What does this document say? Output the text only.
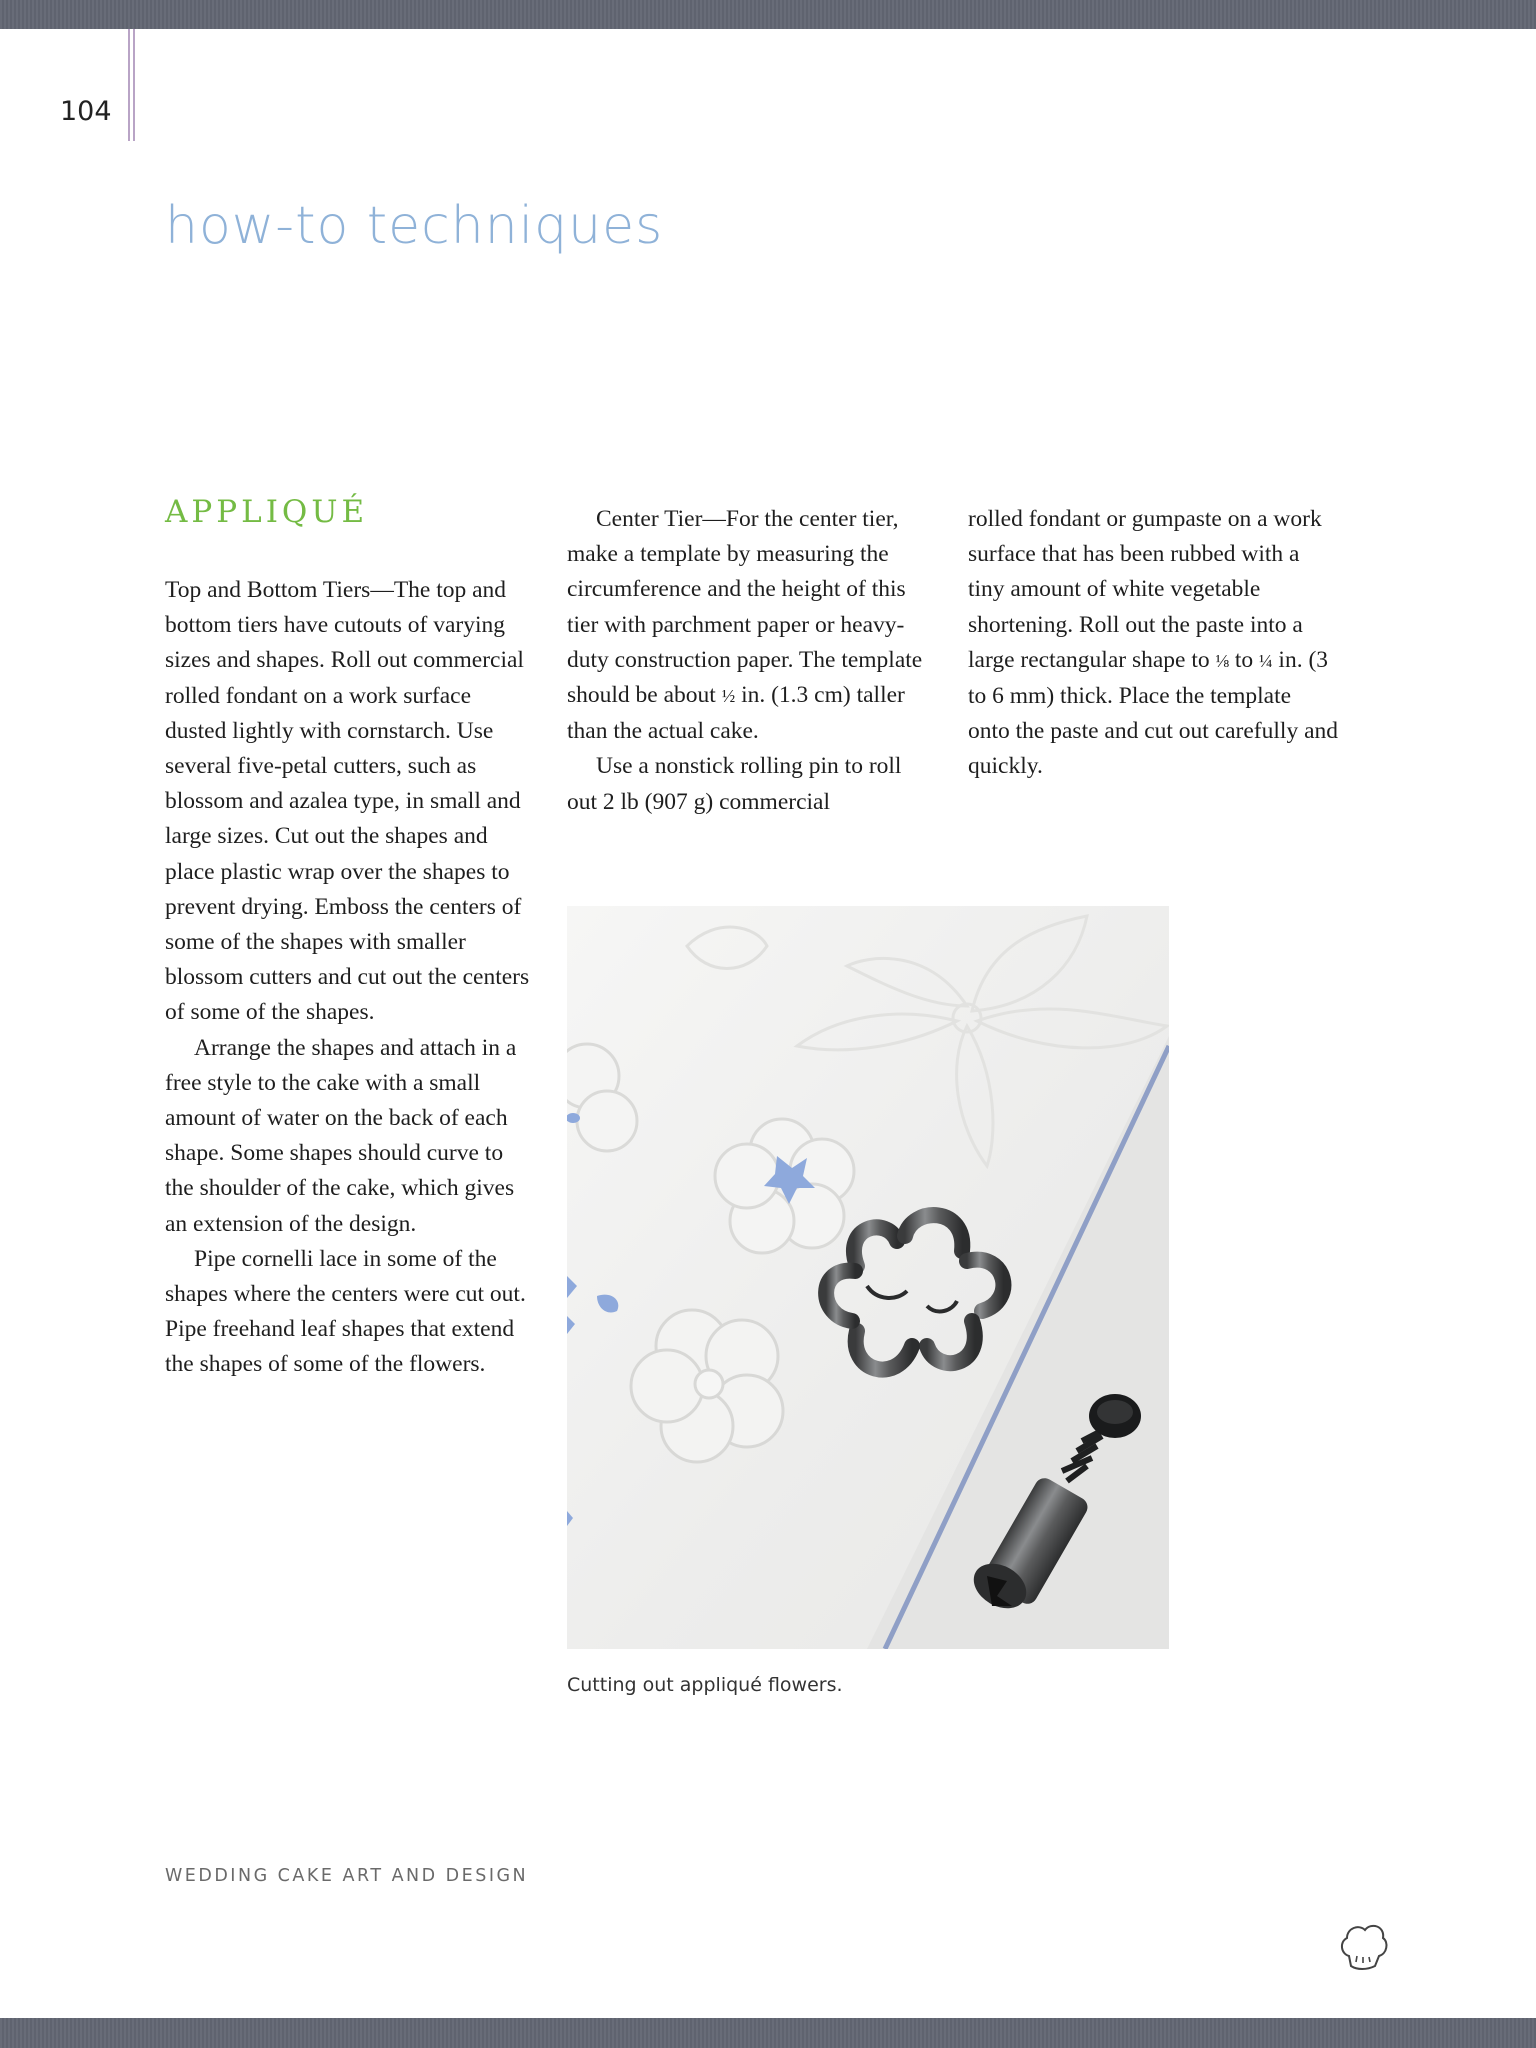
104
how-to techniques
APPLIQUÉ

Top and Bottom Tiers—The top and bottom tiers have cutouts of varying sizes and shapes. Roll out commercial rolled fondant on a work surface dusted lightly with cornstarch. Use several five-petal cutters, such as blossom and azalea type, in small and large sizes. Cut out the shapes and place plastic wrap over the shapes to prevent drying. Emboss the centers of some of the shapes with smaller blossom cutters and cut out the centers of some of the shapes.

Arrange the shapes and attach in a free style to the cake with a small amount of water on the back of each shape. Some shapes should curve to the shoulder of the cake, which gives an extension of the design.

Pipe cornelli lace in some of the shapes where the centers were cut out. Pipe freehand leaf shapes that extend the shapes of some of the flowers.

Center Tier—For the center tier, make a template by measuring the circumference and the height of this tier with parchment paper or heavy-duty construction paper. The template should be about ½ in. (1.3 cm) taller than the actual cake.

Use a nonstick rolling pin to roll out 2 lb (907 g) commercial

rolled fondant or gumpaste on a work surface that has been rubbed with a tiny amount of white vegetable shortening. Roll out the paste into a large rectangular shape to ⅛ to ¼ in. (3 to 6 mm) thick. Place the template onto the paste and cut out carefully and quickly.

Cutting out appliqué flowers.
WEDDING CAKE ART AND DESIGN
